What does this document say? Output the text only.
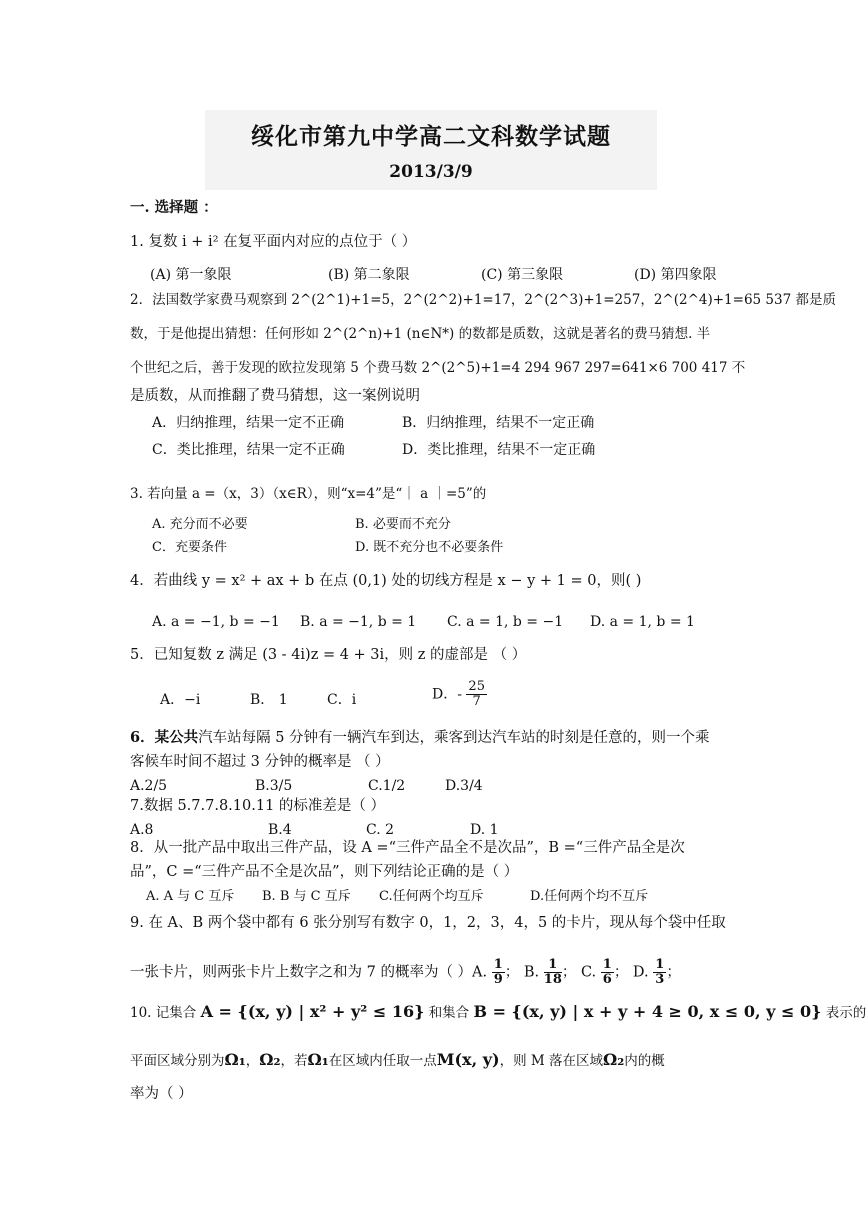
绥化市第九中学高二文科数学试题
2013/3/9
一. 选择题 ：
1. 复数 i + i² 在复平面内对应的点位于（ ）
(A) 第一象限	(B) 第二象限	(C) 第三象限	(D) 第四象限
2．法国数学家费马观察到 2^(2^1)+1=5，2^(2^2)+1=17，2^(2^3)+1=257，2^(2^4)+1=65 537 都是质
数，于是他提出猜想：任何形如 2^(2^n)+1 (n∈N*) 的数都是质数，这就是著名的费马猜想. 半
个世纪之后，善于发现的欧拉发现第 5 个费马数 2^(2^5)+1=4 294 967 297=641×6 700 417 不
是质数，从而推翻了费马猜想，这一案例说明
A．归纳推理，结果一定不正确	B．归纳推理，结果不一定正确
C．类比推理，结果一定不正确	D．类比推理，结果不一定正确
3. 若向量 a =（x，3）（x∈R），则“x=4”是“｜ a ｜=5”的
A. 充分而不必要	B. 必要而不充分
C．充要条件	D. 既不充分也不必要条件
4．若曲线 y = x² + ax + b 在点 (0,1) 处的切线方程是 x − y + 1 = 0，则( )
A. a = −1, b = −1 B. a = −1, b = 1 C. a = 1, b = −1 D. a = 1, b = 1
5．已知复数 z 满足 (3 - 4i)z = 4 + 3i，则 z 的虚部是 （ ）
A．−i	B． 1	C．i	D．- $\frac{25}{7}$
6．某公共汽车站每隔 5 分钟有一辆汽车到达，乘客到达汽车站的时刻是任意的，则一个乘
客候车时间不超过 3 分钟的概率是 （ ）
A.2/5	B.3/5	C.1/2	D.3/4
7.数据 5.7.7.8.10.11 的标准差是（ ）
A.8	B.4	C. 2	D. 1
8．从一批产品中取出三件产品，设 A =“三件产品全不是次品”，B =“三件产品全是次
品”，C =“三件产品不全是次品”，则下列结论正确的是（ ）
A. A 与 C 互斥 B. B 与 C 互斥 C.任何两个均互斥	D.任何两个均不互斥
9. 在 A、B 两个袋中都有 6 张分别写有数字 0，1，2，3，4，5 的卡片，现从每个袋中任取
一张卡片，则两张卡片上数字之和为 7 的概率为（ ）A. $\frac{1}{9}$ ； B. $\frac{1}{18}$ ； C. $\frac{1}{6}$ ； D. $\frac{1}{3}$ ；
10. 记集合 A = {(x, y) | x² + y² ≤ 16} 和集合 B = {(x, y) | x + y + 4 ≥ 0, x ≤ 0, y ≤ 0} 表示的
平面区域分别为Ω₁，Ω₂，若Ω₁在区域内任取一点M(x, y)，则 M 落在区域Ω₂内的概
率为（ ）
